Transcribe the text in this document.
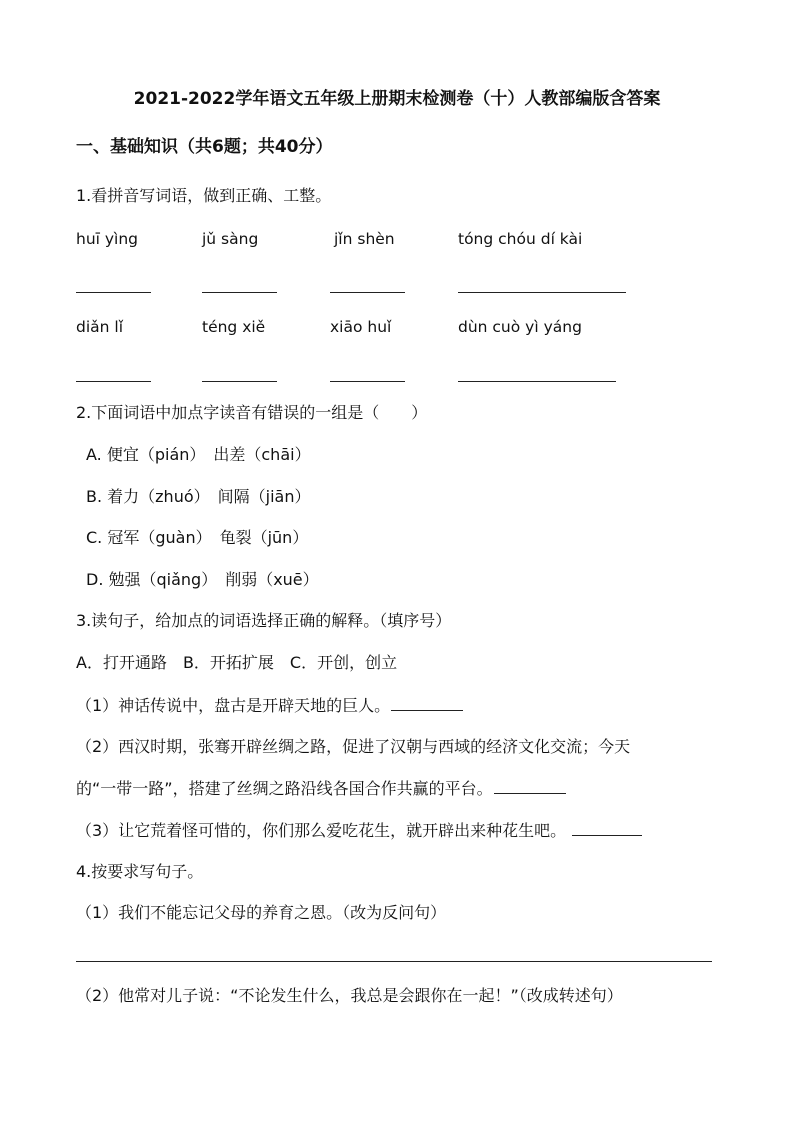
2021-2022学年语文五年级上册期末检测卷（十）人教部编版含答案
一、基础知识（共6题；共40分）
1.看拼音写词语，做到正确、工整。
huī yìng	jǔ sàng	jǐn shèn	tóng chóu dí kài
diǎn lǐ	téng xiě	xiāo huǐ	dùn cuò yì yáng
2.下面词语中加点字读音有错误的一组是（　　）
A. 便宜（pián）　出差（chāi）
B. 着力（zhuó）　间隔（jiān）
C. 冠军（guàn）　龟裂（jūn）
D. 勉强（qiǎng）　削弱（xuē）
3.读句子，给加点的词语选择正确的解释。（填序号）
A．打开通路　B．开拓扩展　C．开创，创立
（1）神话传说中，盘古是开辟天地的巨人。
（2）西汉时期，张骞开辟丝绸之路，促进了汉朝与西域的经济文化交流；今天
的“一带一路”，搭建了丝绸之路沿线各国合作共赢的平台。
（3）让它荒着怪可惜的，你们那么爱吃花生，就开辟出来种花生吧。
4.按要求写句子。
（1）我们不能忘记父母的养育之恩。（改为反问句）
（2）他常对儿子说：“不论发生什么，我总是会跟你在一起！”（改成转述句）
